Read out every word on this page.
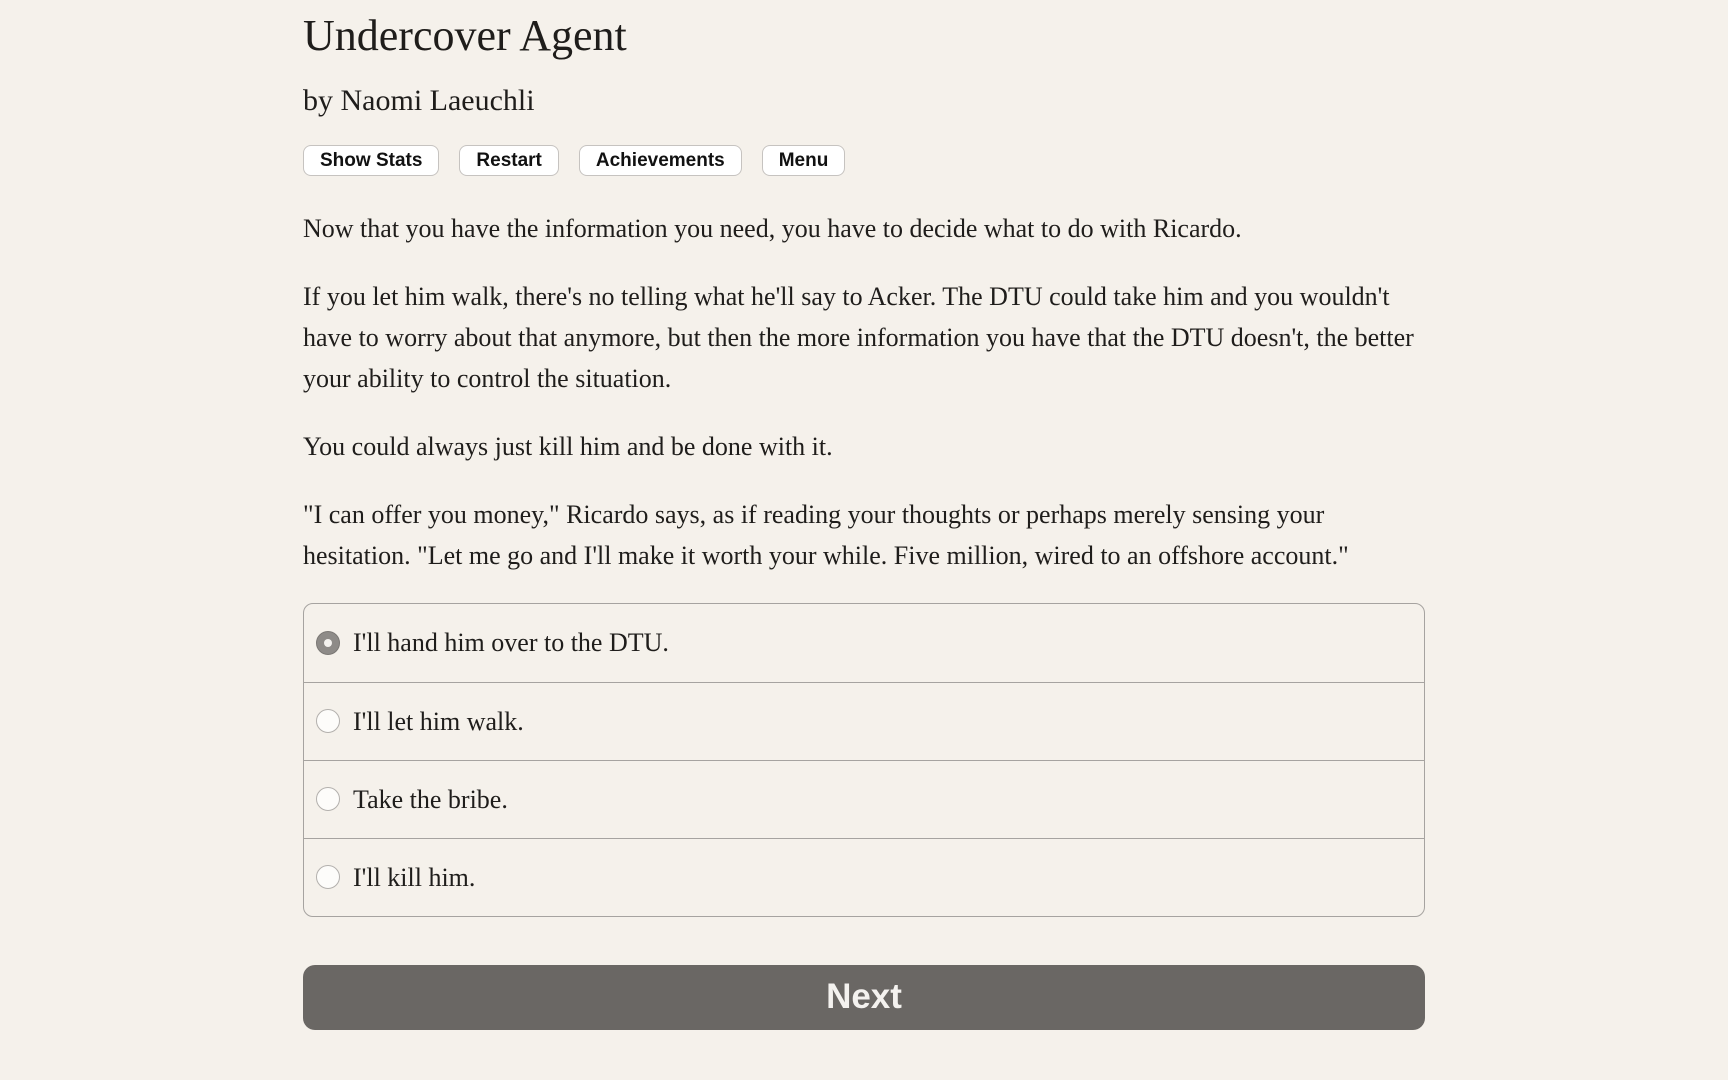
Undercover Agent
by Naomi Laeuchli
Show Stats	Restart	Achievements	Menu

Now that you have the information you need, you have to decide what to do with Ricardo.

If you let him walk, there's no telling what he'll say to Acker. The DTU could take him and you wouldn't have to worry about that anymore, but then the more information you have that the DTU doesn't, the better your ability to control the situation.

You could always just kill him and be done with it.

"I can offer you money," Ricardo says, as if reading your thoughts or perhaps merely sensing your hesitation. "Let me go and I'll make it worth your while. Five million, wired to an offshore account."

I'll hand him over to the DTU.
I'll let him walk.
Take the bribe.
I'll kill him.
Next
